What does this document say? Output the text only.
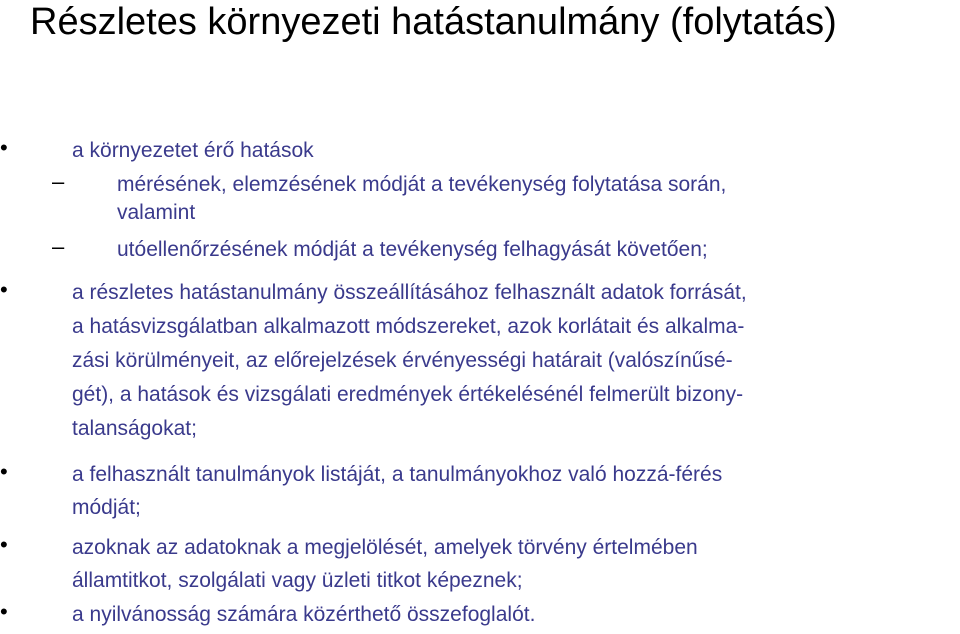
Részletes környezeti hatástanulmány (folytatás)
•	a környezetet érő hatások
–	mérésének, elemzésének módját a tevékenység folytatása során,
valamint
–	utóellenőrzésének módját a tevékenység felhagyását követően;
•	a részletes hatástanulmány összeállításához felhasznált adatok forrását,
a hatásvizsgálatban alkalmazott módszereket, azok korlátait és alkalma-
zási körülményeit, az előrejelzések érvényességi határait (valószínűsé-
gét), a hatások és vizsgálati eredmények értékelésénél felmerült bizony-
talanságokat;
•	a felhasznált tanulmányok listáját, a tanulmányokhoz való hozzá-férés
módját;
•	azoknak az adatoknak a megjelölését, amelyek törvény értelmében
államtitkot, szolgálati vagy üzleti titkot képeznek;
•	a nyilvánosság számára közérthető összefoglalót.
